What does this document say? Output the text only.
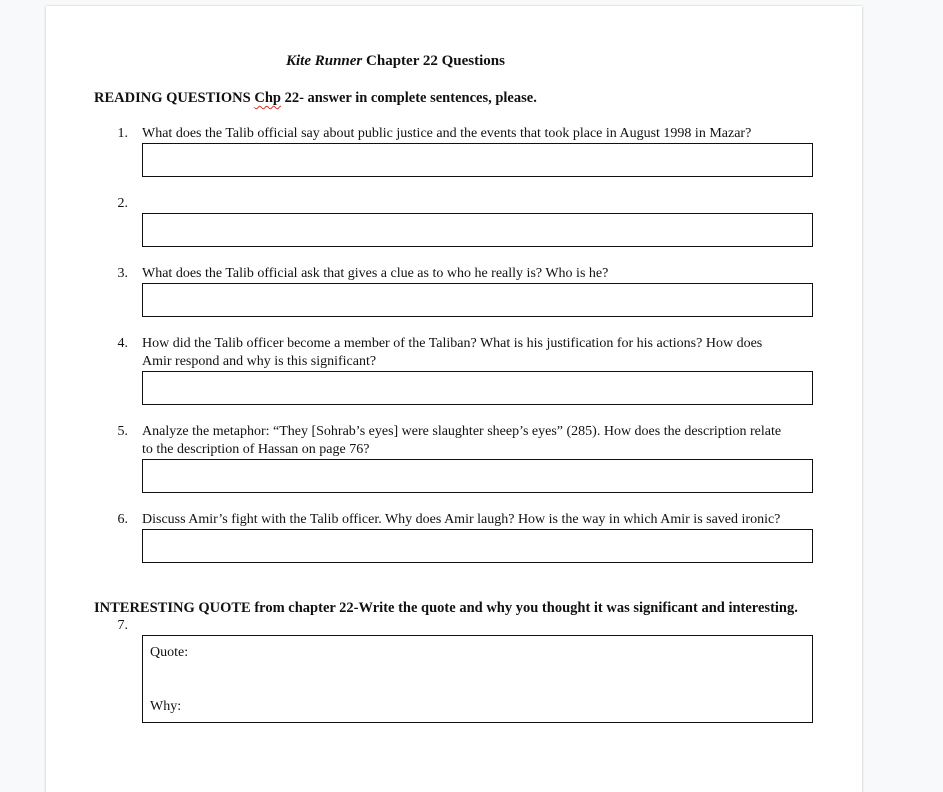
Kite Runner Chapter 22 Questions
READING QUESTIONS Chp 22- answer in complete sentences, please.
1. What does the Talib official say about public justice and the events that took place in August 1998 in Mazar?
2.

3. What does the Talib official ask that gives a clue as to who he really is? Who is he?
4. How did the Talib officer become a member of the Taliban? What is his justification for his actions? How does
Amir respond and why is this significant?
5. Analyze the metaphor: “They [Sohrab’s eyes] were slaughter sheep’s eyes” (285). How does the description relate
to the description of Hassan on page 76?
6. Discuss Amir’s fight with the Talib officer. Why does Amir laugh? How is the way in which Amir is saved ironic?
INTERESTING QUOTE from chapter 22-Write the quote and why you thought it was significant and interesting.
7.
Quote:
Why:
